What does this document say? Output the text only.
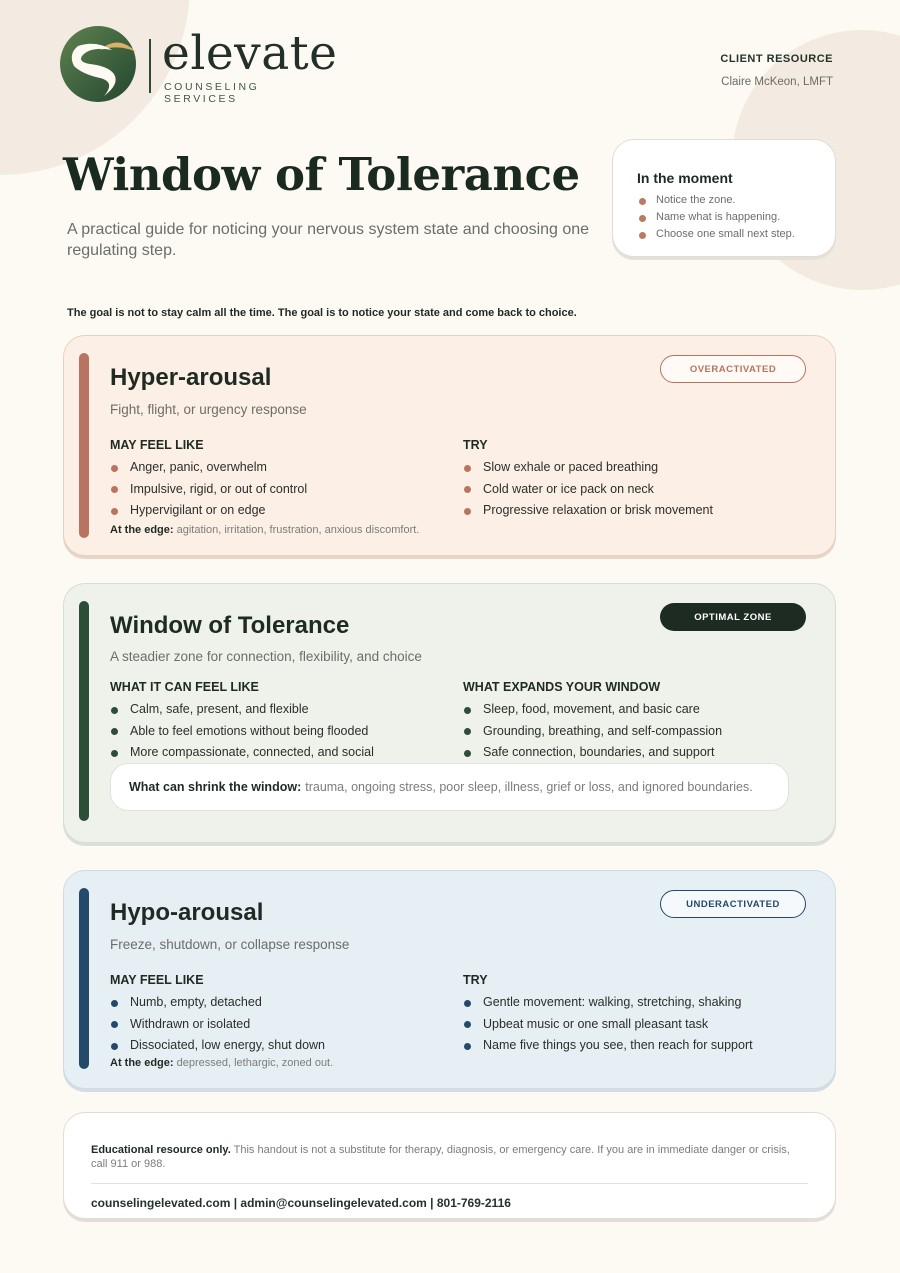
elevate
COUNSELING SERVICES
CLIENT RESOURCE
Claire McKeon, LMFT
Window of Tolerance

A practical guide for noticing your nervous system state and choosing one regulating step.

In the moment
Notice the zone.
Name what is happening.
Choose one small next step.

The goal is not to stay calm all the time. The goal is to notice your state and come back to choice.

Hyper-arousal

Fight, flight, or urgency response

OVERACTIVATED
MAY FEEL LIKE
Anger, panic, overwhelm
Impulsive, rigid, or out of control
Hypervigilant or on edge
TRY
Slow exhale or paced breathing
Cold water or ice pack on neck
Progressive relaxation or brisk movement

At the edge: agitation, irritation, frustration, anxious discomfort.

Window of Tolerance

A steadier zone for connection, flexibility, and choice

OPTIMAL ZONE
WHAT IT CAN FEEL LIKE
Calm, safe, present, and flexible
Able to feel emotions without being flooded
More compassionate, connected, and social
WHAT EXPANDS YOUR WINDOW
Sleep, food, movement, and basic care
Grounding, breathing, and self-compassion
Safe connection, boundaries, and support
What can shrink the window: trauma, ongoing stress, poor sleep, illness, grief or loss, and ignored boundaries.
Hypo-arousal

Freeze, shutdown, or collapse response

UNDERACTIVATED
MAY FEEL LIKE
Numb, empty, detached
Withdrawn or isolated
Dissociated, low energy, shut down
TRY
Gentle movement: walking, stretching, shaking
Upbeat music or one small pleasant task
Name five things you see, then reach for support

At the edge: depressed, lethargic, zoned out.

Educational resource only. This handout is not a substitute for therapy, diagnosis, or emergency care. If you are in immediate danger or crisis, call 911 or 988.

counselingelevated.com | admin@counselingelevated.com | 801-769-2116
